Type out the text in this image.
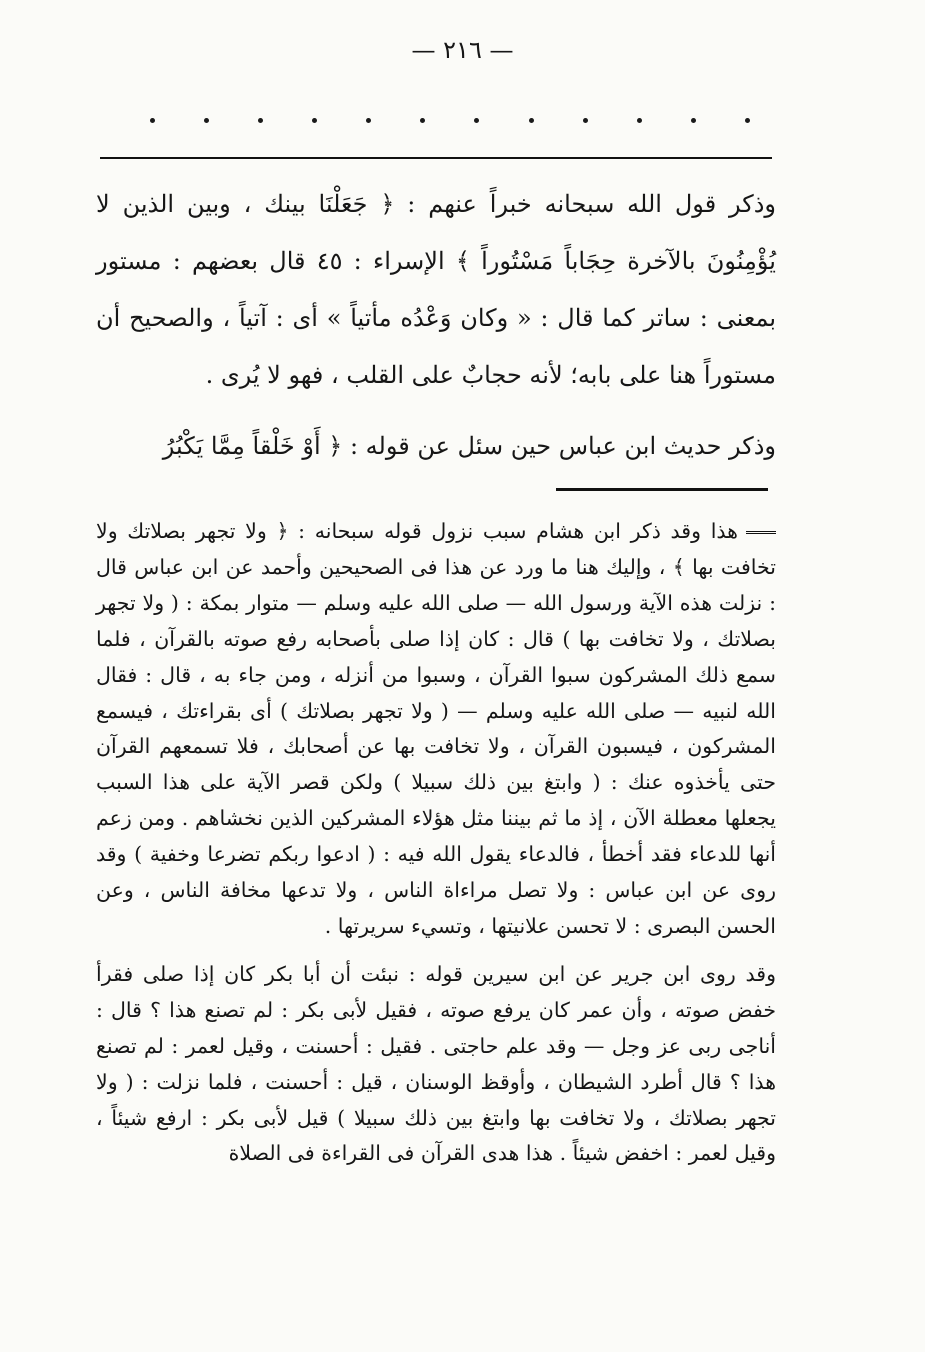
— ٢١٦ —

وذكر قول الله سبحانه خبراً عنهم : ﴿ جَعَلْنَا بينك ، وبين الذين لا يُؤْمِنُونَ بالآخرة حِجَاباً مَسْتُوراً ﴾ الإسراء : ٤٥ قال بعضهم : مستور بمعنى : ساتر كما قال : « وكان وَعْدُه مأتياً » أى : آتياً ، والصحيح أن مستوراً هنا على بابه؛ لأنه حجابٌ على القلب ، فهو لا يُرى .

وذكر حديث ابن عباس حين سئل عن قوله : ﴿ أَوْ خَلْقاً مِمَّا يَكْبُرُ

هذا وقد ذكر ابن هشام سبب نزول قوله سبحانه : ﴿ ولا تجهر بصلاتك ولا تخافت بها ﴾ ، وإليك هنا ما ورد عن هذا فى الصحيحين وأحمد عن ابن عباس قال : نزلت هذه الآية ورسول الله — صلى الله عليه وسلم — متوار بمكة : ( ولا تجهر بصلاتك ، ولا تخافت بها ) قال : كان إذا صلى بأصحابه رفع صوته بالقرآن ، فلما سمع ذلك المشركون سبوا القرآن ، وسبوا من أنزله ، ومن جاء به ، قال : فقال الله لنبيه — صلى الله عليه وسلم — ( ولا تجهر بصلاتك ) أى بقراءتك ، فيسمع المشركون ، فيسبون القرآن ، ولا تخافت بها عن أصحابك ، فلا تسمعهم القرآن حتى يأخذوه عنك : ( وابتغ بين ذلك سبيلا ) ولكن قصر الآية على هذا السبب يجعلها معطلة الآن ، إذ ما ثم بيننا مثل هؤلاء المشركين الذين نخشاهم . ومن زعم أنها للدعاء فقد أخطأ ، فالدعاء يقول الله فيه : ( ادعوا ربكم تضرعا وخفية ) وقد روى عن ابن عباس : ولا تصل مراءاة الناس ، ولا تدعها مخافة الناس ، وعن الحسن البصرى : لا تحسن علانيتها ، وتسيء سريرتها .

وقد روى ابن جرير عن ابن سيرين قوله : نبئت أن أبا بكر كان إذا صلى فقرأ خفض صوته ، وأن عمر كان يرفع صوته ، فقيل لأبى بكر : لم تصنع هذا ؟ قال : أناجى ربى عز وجل — وقد علم حاجتى . فقيل : أحسنت ، وقيل لعمر : لم تصنع هذا ؟ قال أطرد الشيطان ، وأوقظ الوسنان ، قيل : أحسنت ، فلما نزلت : ( ولا تجهر بصلاتك ، ولا تخافت بها وابتغ بين ذلك سبيلا ) قيل لأبى بكر : ارفع شيئاً ، وقيل لعمر : اخفض شيئاً . هذا هدى القرآن فى القراءة فى الصلاة
